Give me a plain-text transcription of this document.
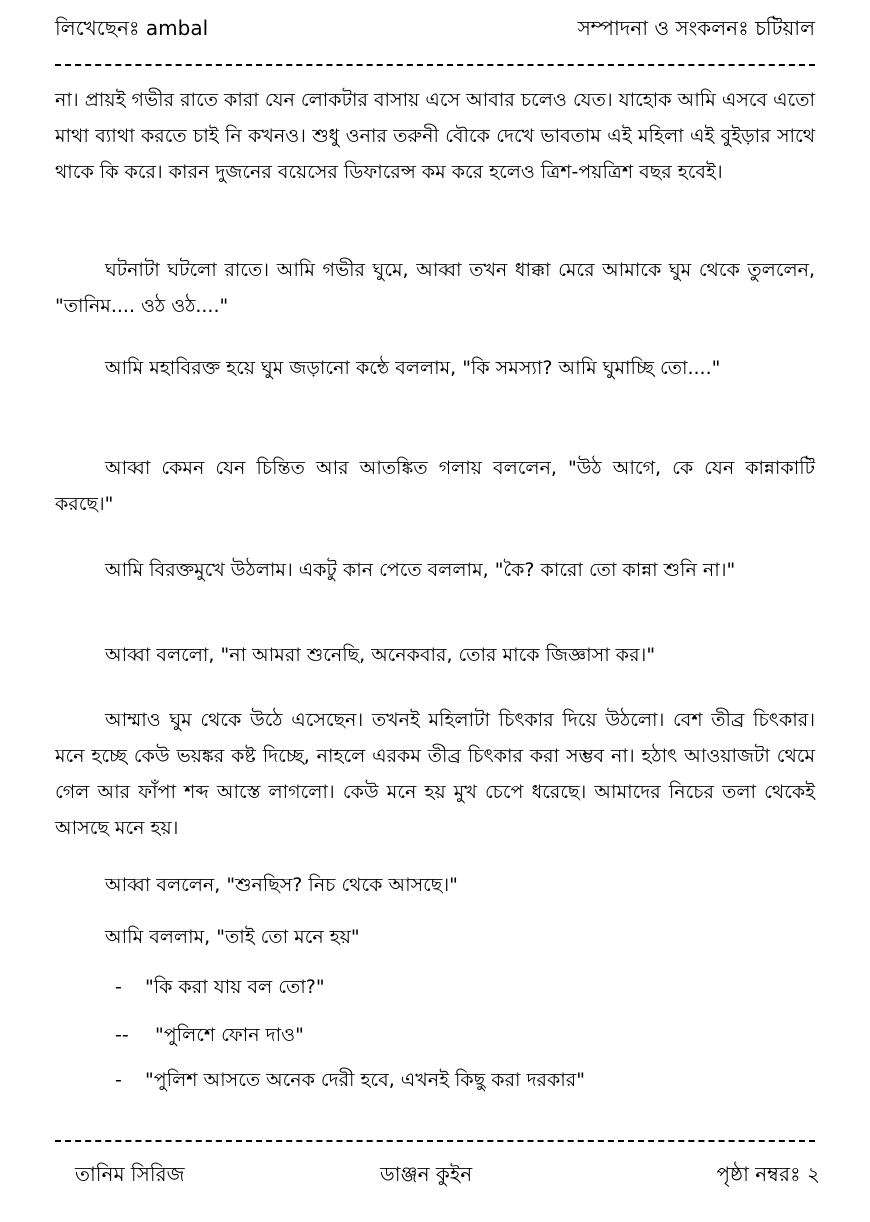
লিখেছেনঃ ambal	সম্পাদনা ও সংকলনঃ চটিয়াল
না। প্রায়ই গভীর রাতে কারা যেন লোকটার বাসায় এসে আবার চলেও যেত। যাহোক আমি এসবে এতো মাথা ব্যাথা করতে চাই নি কখনও। শুধু ওনার তরুনী বৌকে দেখে ভাবতাম এই মহিলা এই বুইড়ার সাথে থাকে কি করে। কারন দুজনের বয়েসের ডিফারেন্স কম করে হলেও ত্রিশ-পয়ত্রিশ বছর হবেই।
ঘটনাটা ঘটলো রাতে। আমি গভীর ঘুমে, আব্বা তখন ধাক্কা মেরে আমাকে ঘুম থেকে তুললেন, "তানিম.... ওঠ ওঠ...."
আমি মহাবিরক্ত হয়ে ঘুম জড়ানো কন্ঠে বললাম, "কি সমস্যা? আমি ঘুমাচ্ছি তো...."
আব্বা কেমন যেন চিন্তিত আর আতঙ্কিত গলায় বললেন, "উঠ আগে, কে যেন কান্নাকাটি করছে।"
আমি বিরক্তমুখে উঠলাম। একটু কান পেতে বললাম, "কৈ? কারো তো কান্না শুনি না।"
আব্বা বললো, "না আমরা শুনেছি, অনেকবার, তোর মাকে জিজ্ঞাসা কর।"
আম্মাও ঘুম থেকে উঠে এসেছেন। তখনই মহিলাটা চিৎকার দিয়ে উঠলো। বেশ তীব্র চিৎকার। মনে হচ্ছে কেউ ভয়ঙ্কর কষ্ট দিচ্ছে, নাহলে এরকম তীব্র চিৎকার করা সম্ভব না। হঠাৎ আওয়াজটা থেমে গেল আর ফাঁপা শব্দ আস্তে লাগলো। কেউ মনে হয় মুখ চেপে ধরেছে। আমাদের নিচের তলা থেকেই আসছে মনে হয়।
আব্বা বললেন, "শুনছিস? নিচ থেকে আসছে।"
আমি বললাম, "তাই তো মনে হয়"
- "কি করা যায় বল তো?"
-- "পুলিশে ফোন দাও"
- "পুলিশ আসতে অনেক দেরী হবে, এখনই কিছু করা দরকার"
তানিম সিরিজ	ডাঞ্জন কুইন	পৃষ্ঠা নম্বরঃ ২
